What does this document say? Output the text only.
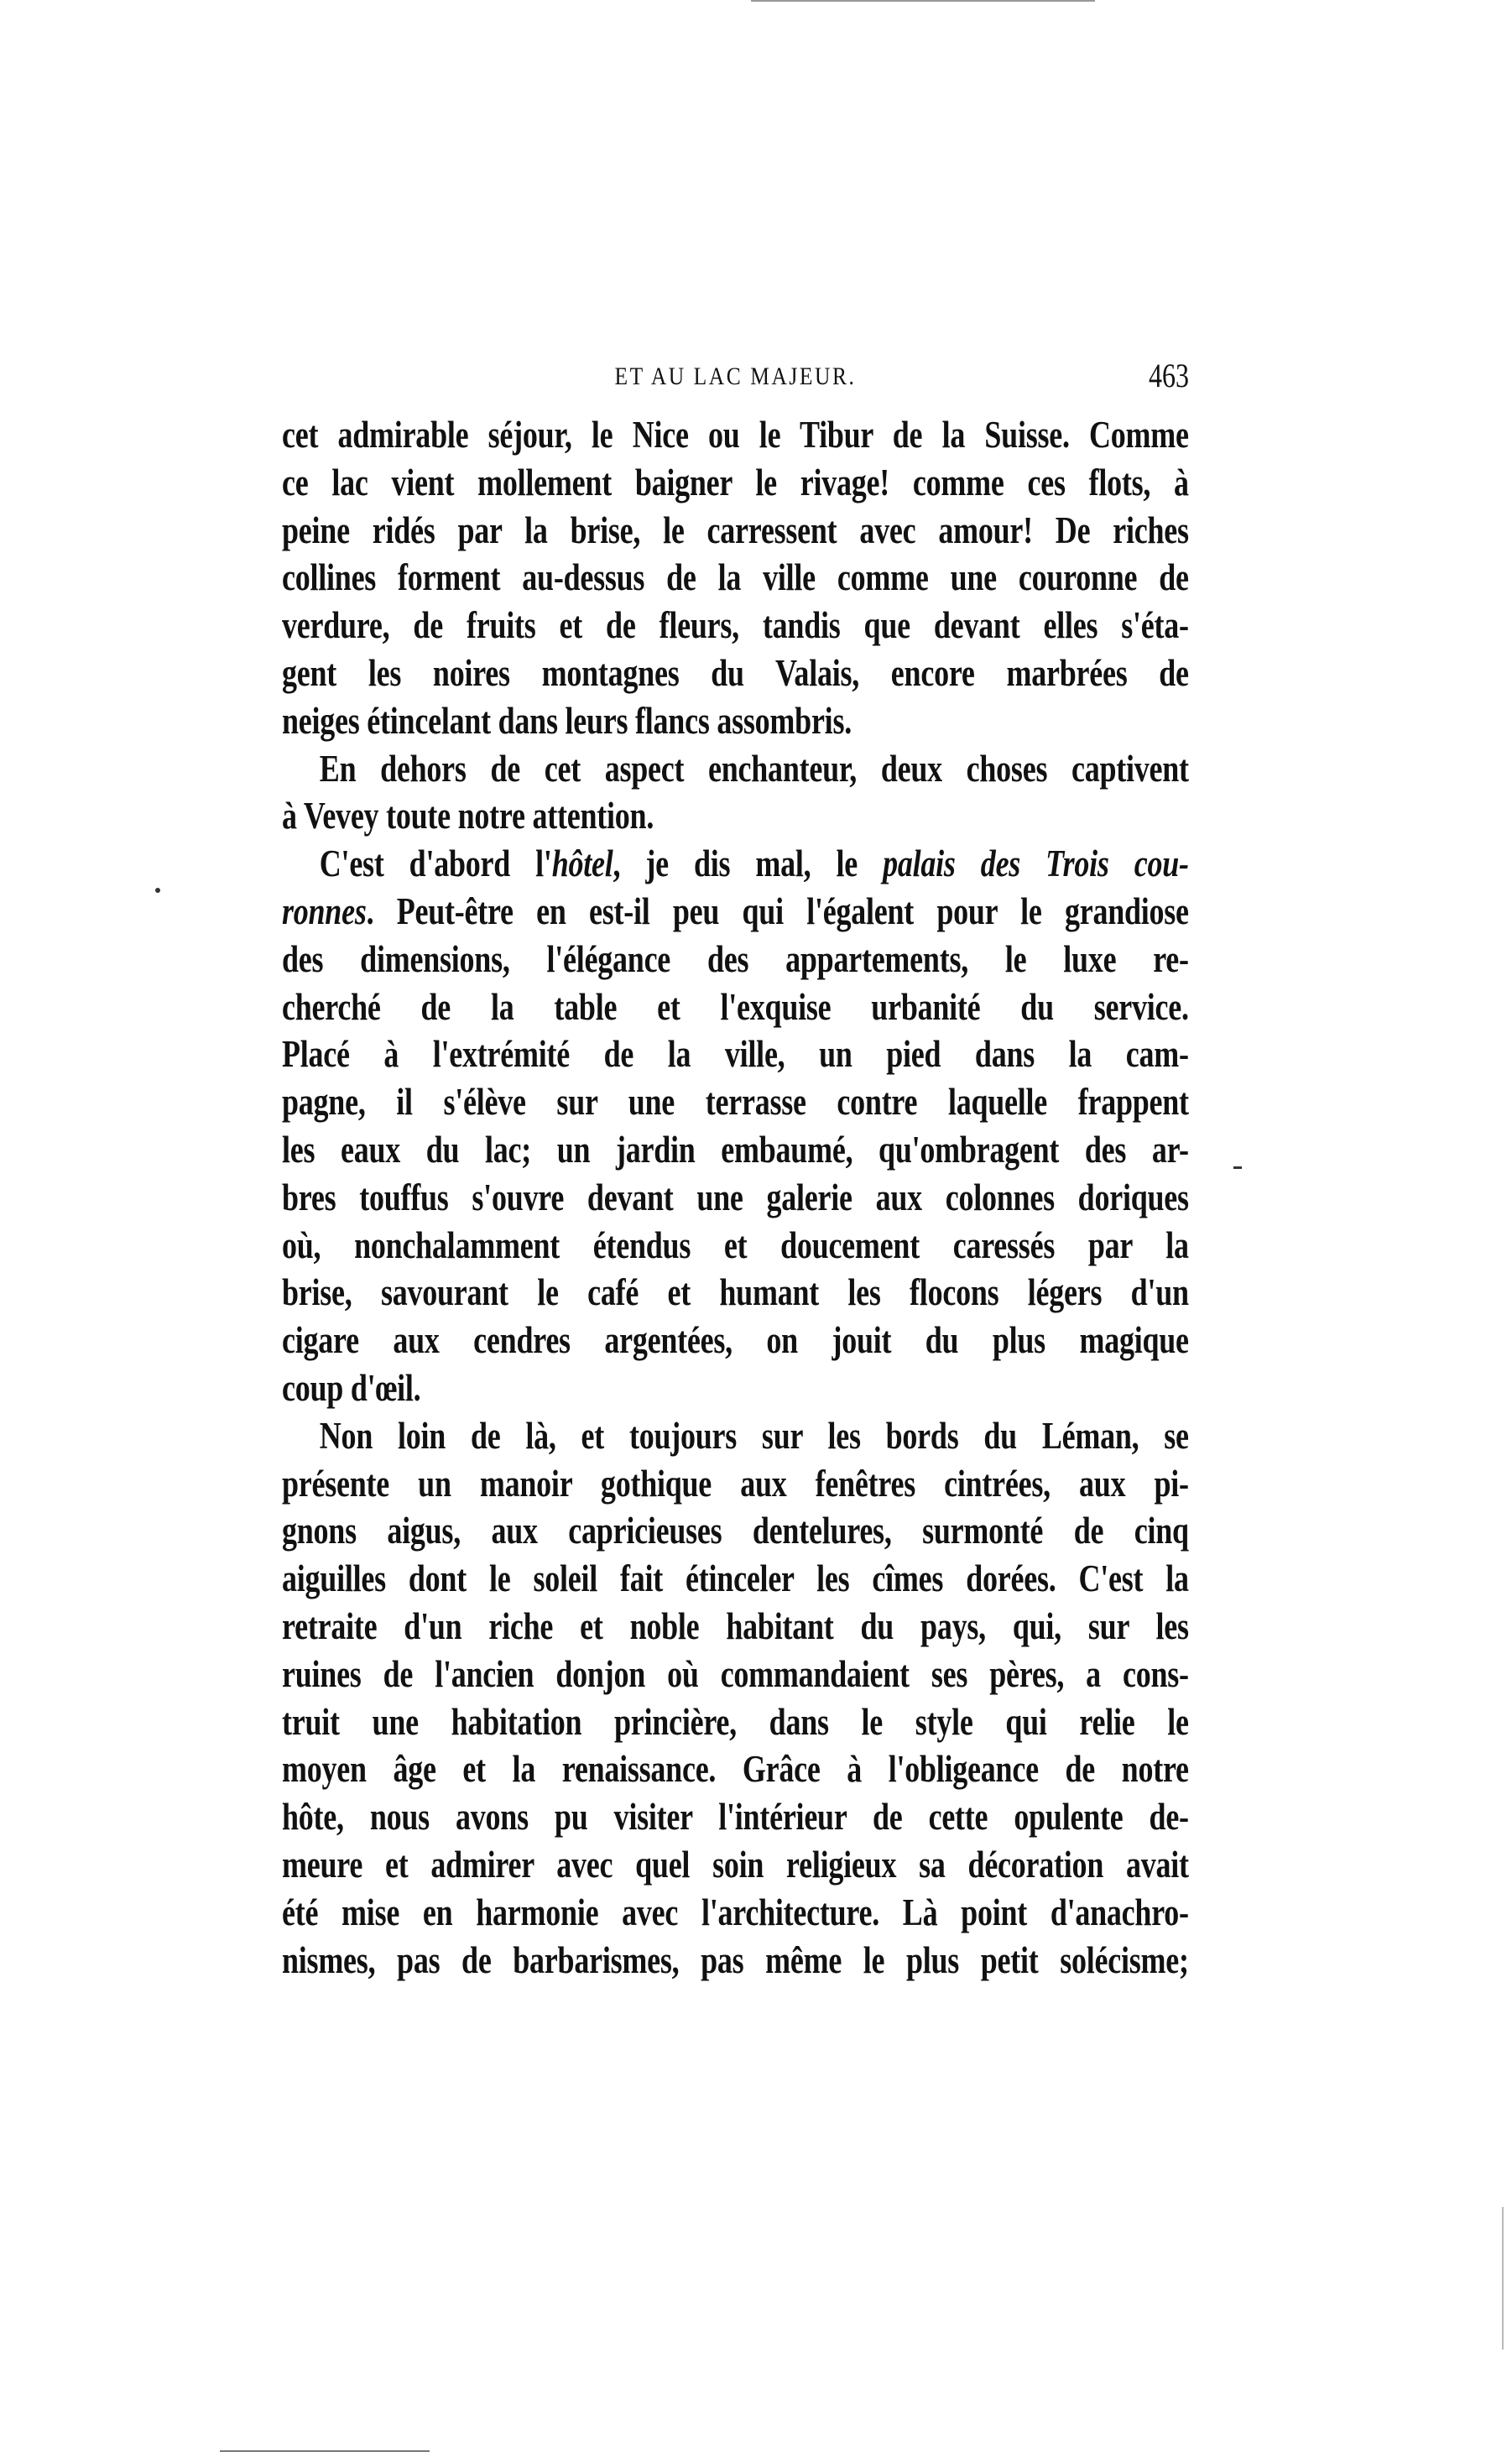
ET AU LAC MAJEUR.	463
cet admirable séjour, le Nice ou le Tibur de la Suisse. Comme
ce lac vient mollement baigner le rivage! comme ces flots, à
peine ridés par la brise, le carressent avec amour! De riches
collines forment au-dessus de la ville comme une couronne de
verdure, de fruits et de fleurs, tandis que devant elles s'éta-
gent les noires montagnes du Valais, encore marbrées de
neiges étincelant dans leurs flancs assombris.
En dehors de cet aspect enchanteur, deux choses captivent
à Vevey toute notre attention.
C'est d'abord l'hôtel, je dis mal, le palais des Trois cou-
ronnes. Peut-être en est-il peu qui l'égalent pour le grandiose
des dimensions, l'élégance des appartements, le luxe re-
cherché de la table et l'exquise urbanité du service.
Placé à l'extrémité de la ville, un pied dans la cam-
pagne, il s'élève sur une terrasse contre laquelle frappent
les eaux du lac; un jardin embaumé, qu'ombragent des ar-
bres touffus s'ouvre devant une galerie aux colonnes doriques
où, nonchalamment étendus et doucement caressés par la
brise, savourant le café et humant les flocons légers d'un
cigare aux cendres argentées, on jouit du plus magique
coup d'œil.
Non loin de là, et toujours sur les bords du Léman, se
présente un manoir gothique aux fenêtres cintrées, aux pi-
gnons aigus, aux capricieuses dentelures, surmonté de cinq
aiguilles dont le soleil fait étinceler les cîmes dorées. C'est la
retraite d'un riche et noble habitant du pays, qui, sur les
ruines de l'ancien donjon où commandaient ses pères, a cons-
truit une habitation princière, dans le style qui relie le
moyen âge et la renaissance. Grâce à l'obligeance de notre
hôte, nous avons pu visiter l'intérieur de cette opulente de-
meure et admirer avec quel soin religieux sa décoration avait
été mise en harmonie avec l'architecture. Là point d'anachro-
nismes, pas de barbarismes, pas même le plus petit solécisme;
